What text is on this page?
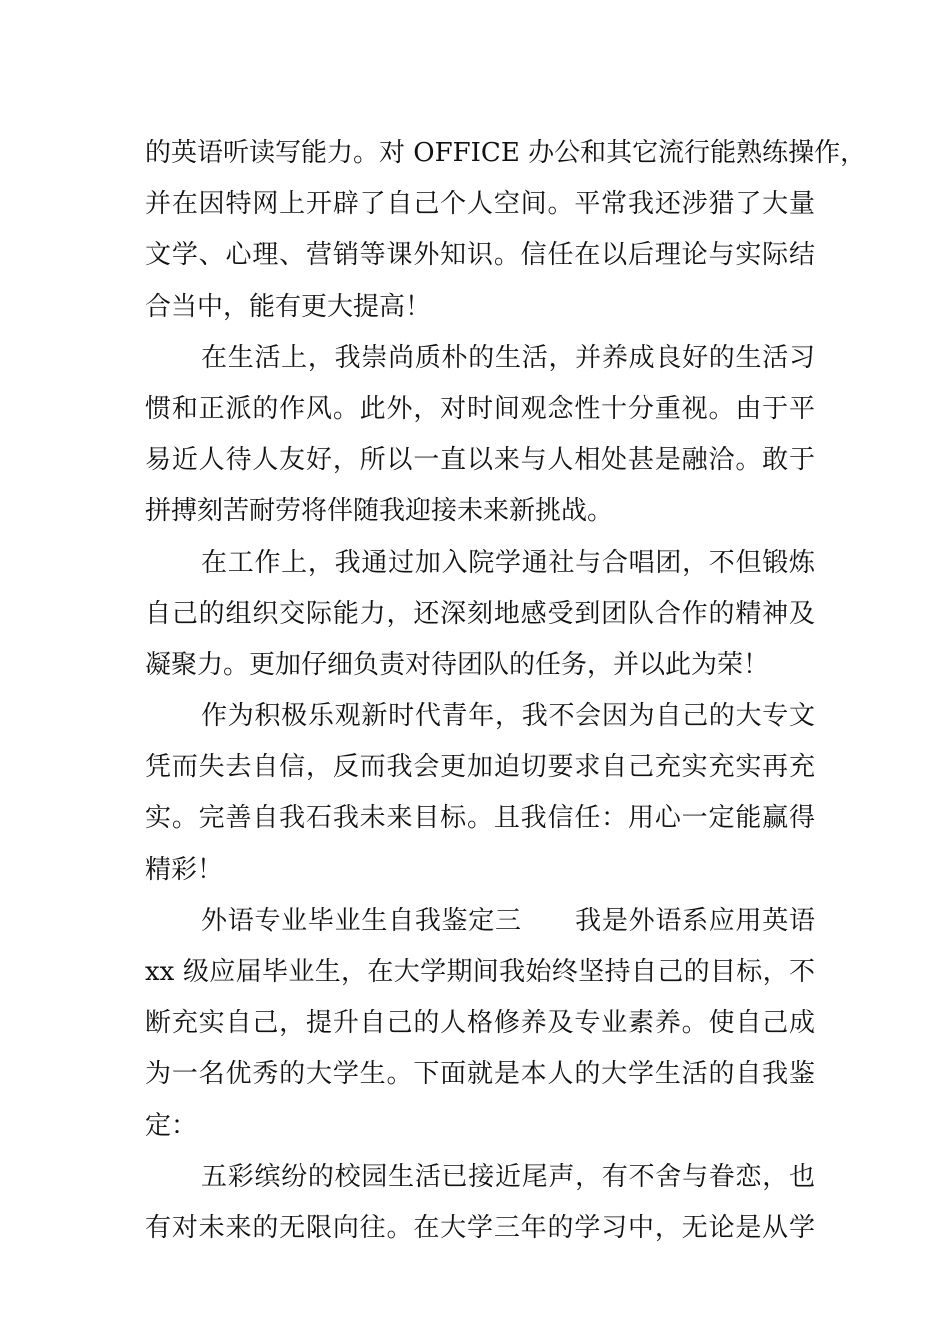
的英语听读写能力。对 OFFICE 办公和其它流行能熟练操作，

并在因特网上开辟了自己个人空间。平常我还涉猎了大量

文学、心理、营销等课外知识。信任在以后理论与实际结

合当中，能有更大提高！

在生活上，我崇尚质朴的生活，并养成良好的生活习

惯和正派的作风。此外，对时间观念性十分重视。由于平

易近人待人友好，所以一直以来与人相处甚是融洽。敢于

拼搏刻苦耐劳将伴随我迎接未来新挑战。

在工作上，我通过加入院学通社与合唱团，不但锻炼

自己的组织交际能力，还深刻地感受到团队合作的精神及

凝聚力。更加仔细负责对待团队的任务，并以此为荣！

作为积极乐观新时代青年，我不会因为自己的大专文

凭而失去自信，反而我会更加迫切要求自己充实充实再充

实。完善自我石我未来目标。且我信任：用心一定能赢得

精彩！

外语专业毕业生自我鉴定三　　我是外语系应用英语

xx 级应届毕业生，在大学期间我始终坚持自己的目标，不

断充实自己，提升自己的人格修养及专业素养。使自己成

为一名优秀的大学生。下面就是本人的大学生活的自我鉴

定：

五彩缤纷的校园生活已接近尾声，有不舍与眷恋，也

有对未来的无限向往。在大学三年的学习中，无论是从学
